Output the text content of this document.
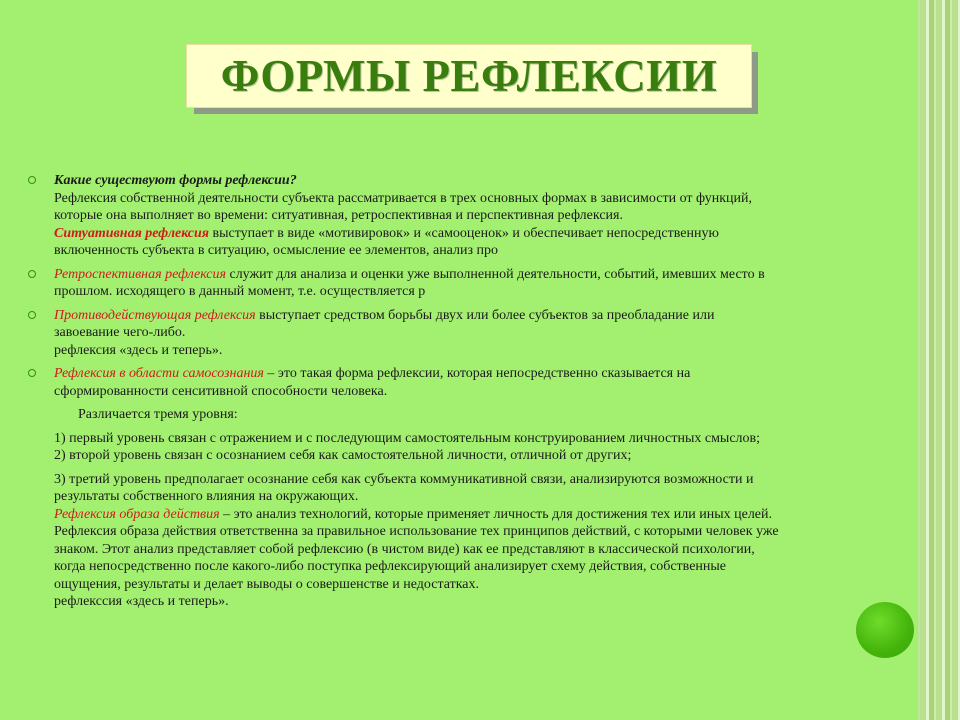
ФОРМЫ РЕФЛЕКСИИ
Какие существуют формы рефлексии?
Рефлексия собственной деятельности субъекта рассматривается в трех основных формах в зависимости от функций,
которые она выполняет во времени: ситуативная, ретроспективная и перспективная рефлексия.
Ситуативная рефлексия выступает в виде «мотивировок» и «самооценок» и обеспечивает непосредственную
включенность субъекта в ситуацию, осмысление ее элементов, анализ про
Ретроспективная рефлексия служит для анализа и оценки уже выполненной деятельности, событий, имевших место в
прошлом. исходящего в данный момент, т.е. осуществляется р
Противодействующая рефлексия выступает средством борьбы двух или более субъектов за преобладание или
завоевание чего-либо.
рефлексия «здесь и теперь».
Рефлексия в области самосознания – это такая форма рефлексии, которая непосредственно сказывается на
сформированности сенситивной способности человека.
Различается тремя уровня:
1) первый уровень связан с отражением и с последующим самостоятельным конструированием личностных смыслов;
2) второй уровень связан с осознанием себя как самостоятельной личности, отличной от других;
3) третий уровень предполагает осознание себя как субъекта коммуникативной связи, анализируются возможности и
результаты собственного влияния на окружающих.
Рефлексия образа действия – это анализ технологий, которые применяет личность для достижения тех или иных целей.
Рефлексия образа действия ответственна за правильное использование тех принципов действий, с которыми человек уже
знаком. Этот анализ представляет собой рефлексию (в чистом виде) как ее представляют в классической психологии,
когда непосредственно после какого-либо поступка рефлексирующий анализирует схему действия, собственные
ощущения, результаты и делает выводы о совершенстве и недостатках.
рефлекссия «здесь и теперь».
